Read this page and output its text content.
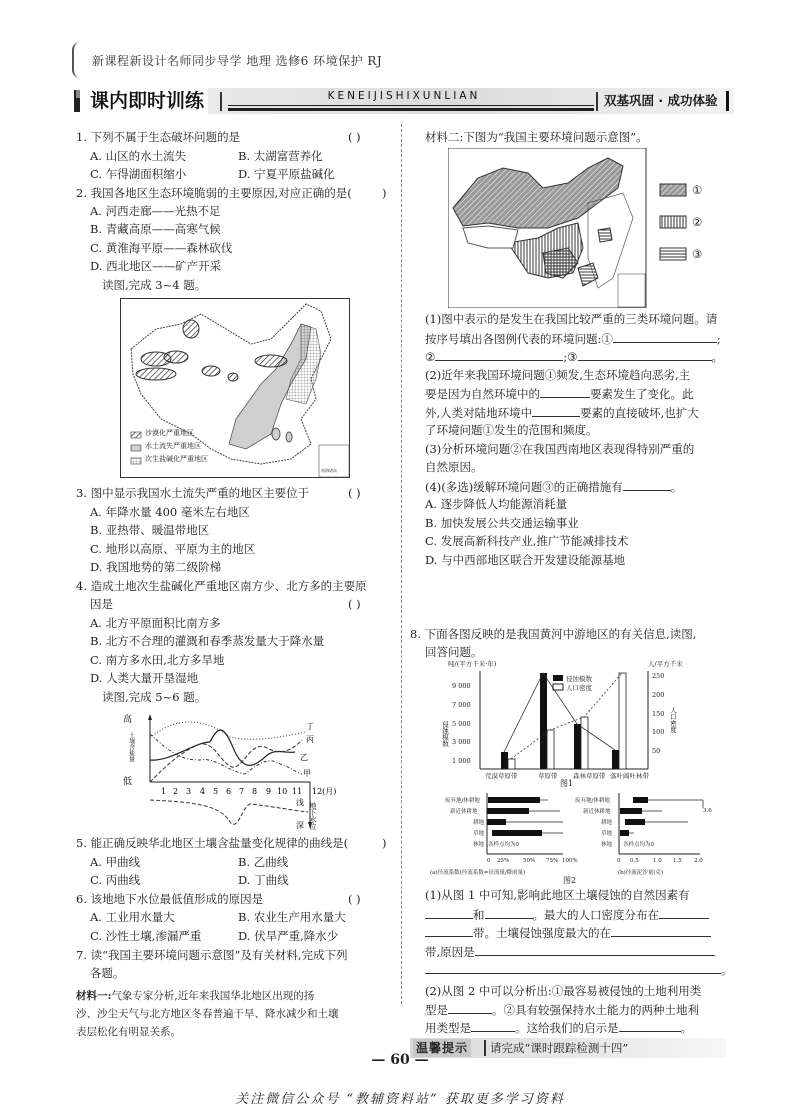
新课程新设计名师同步导学 地理 选修6 环境保护 RJ
课内即时训练	KENEIJISHIXUNLIAN	双基巩固 · 成功体验
1. 下列不属于生态破坏问题的是	( )
A. 山区的水土流失	B. 太湖富营养化
C. 乍得湖面积缩小	D. 宁夏平原盐碱化
2. 我国各地区生态环境脆弱的主要原因,对应正确的是(	)
A. 河西走廊——光热不足
B. 青藏高原——高寒气候
C. 黄淮海平原——森林砍伐
D. 西北地区——矿产开采
读图,完成 3~4 题。
沙漠化严重地区
水土流失严重地区
次生盐碱化严重地区
南海诸岛
3. 图中显示我国水土流失严重的地区主要位于	( )
A. 年降水量 400 毫米左右地区
B. 亚热带、暖温带地区
C. 地形以高原、平原为主的地区
D. 我国地势的第二级阶梯
4. 造成土地次生盐碱化严重地区南方少、北方多的主要原
因是	( )
A. 北方平原面积比南方多
B. 北方不合理的灌溉和春季蒸发量大于降水量
C. 南方多水田,北方多旱地
D. 人类大量开垦湿地
读图,完成 5~6 题。
高
低
土壤含盐量
1 2 3 4 5 6 7 8 9 10 11 12(月)
浅
深
丁
丙
乙
甲
地下水位
5. 能正确反映华北地区土壤含盐量变化规律的曲线是(	)
A. 甲曲线	B. 乙曲线
C. 丙曲线	D. 丁曲线
6. 该地地下水位最低值形成的原因是	( )
A. 工业用水量大	B. 农业生产用水量大
C. 沙性土壤,渗漏严重	D. 伏旱严重,降水少
7. 读“我国主要环境问题示意图”及有关材料,完成下列
各题。
材料一:气象专家分析,近年来我国华北地区出现的扬
沙、沙尘天气与北方地区冬春普遍干旱、降水减少和土壤
表层松化有明显关系。
材料二:下图为“我国主要环境问题示意图”。
①
②
③
(1)图中表示的是发生在我国比较严重的三类环境问题。请
按序号填出各图例代表的环境问题:①	;
②	;③	。
(2)近年来我国环境问题①频发,生态环境趋向恶劣,主
要是因为自然环境中的	要素发生了变化。此
外,人类对陆地环境中	要素的直接破坏,也扩大
了环境问题①发生的范围和频度。
(3)分析环境问题②在我国西南地区表现得特别严重的
自然原因。
(4)(多选)缓解环境问题③的正确措施有	。
A. 逐步降低人均能源消耗量
B. 加快发展公共交通运输事业
C. 发展高新科技产业,推广节能减排技术
D. 与中西部地区联合开发建设能源基地
8. 下面各图反映的是我国黄河中游地区的有关信息,读图,
回答问题。
吨/(平方千米·年)	人/平方千米
9 000
7 000
5 000
3 000
1 000
250
200
150
100
50
荒漠草原带	草原带 森林草原带 落叶阔叶林带
侵蚀模数
人口密度
侵蚀模数
人口密度
图1
废弃地/休耕地
新近休耕地
耕地
草地
林地 各样点均为0
0 25%	50% 75% 100%
(a)径流系数(径流系数=径流量/降雨量)
废弃地/休耕地
新近休耕地
耕地
草地
林地 各样点均为0
0 0.5	1.0 1.5 2.0
3.6
(b)径流泥沙量(克)
图2
(1)从图 1 中可知,影响此地区土壤侵蚀的自然因素有
和	。最大的人口密度分布在
带。土壤侵蚀强度最大的在
带,原因是
。
(2)从图 2 中可以分析出:①最容易被侵蚀的土地利用类
型是	。②具有较强保持水土能力的两种土地利
温馨提示 请完成“课时跟踪检测十四”
用类型是	。这给我们的启示是	。
— 60 —
关注微信公众号 “教辅资料站” 获取更多学习资料
